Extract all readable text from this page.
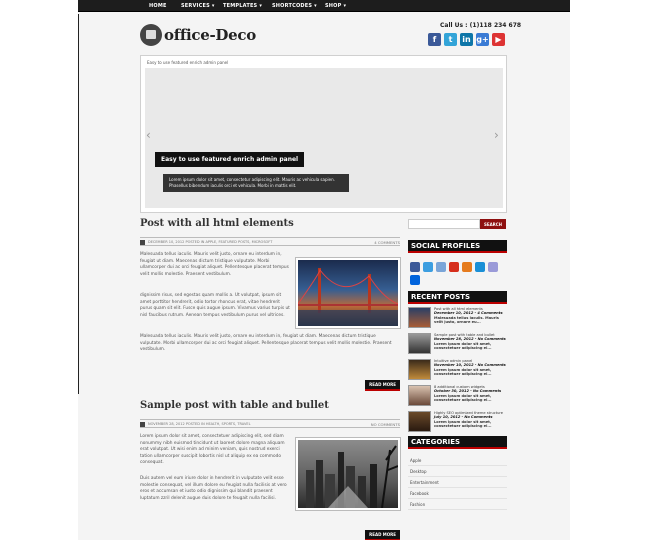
HOME	SERVICES ▾ TEMPLATES ▾ SHORTCODES ▾ SHOP ▾
office-Deco
Call Us : (1)118 234 678
f	t	in g+ ▶
Easy to use featured enrich admin panel
‹	›
Easy to use featured enrich admin panel
Lorem ipsum dolor sit amet, consectetur adipiscing elit. Mauris ac vehicula sapien. Phasellus bibendum iaculis orci et vehicula. Morbi in mattis elit.
Post with all html elements
DECEMBER 10, 2012 POSTED IN APPLE, FEATURED POSTS, MICROSOFT	4 COMMENTS
Malesuada tellus iaculis. Mauris velit justo, ornare eu interdum in, feugiat ut diam. Maecenas dictum tristique vulputate. Morbi ullamcorper dui ac orci feugiat aliquet. Pellentesque placerat tempus velit mollis molestie. Praesent vestibulum.
dignissim risus, sed egestas quam mollis a. Ut volutpat, ipsum sit amet porttitor hendrerit, odio tortor rhoncus erat, vitae hendrerit purus quam sit elit. Fusce quis augue ipsum. Vivamus varius turpis ut nisl faucibus rutrum. Aenean tempus vestibulum purus vel ultrices.
Malesuada tellus iaculis. Mauris velit justo, ornare eu interdum in, feugiat ut diam. Maecenas dictum tristique vulputate. Morbi ullamcorper dui ac orci feugiat aliquet. Pellentesque placerat tempus velit mollis molestie. Praesent vestibulum.
READ MORE
Sample post with table and bullet
NOVEMBER 28, 2012 POSTED IN HEALTH, SPORTS, TRAVEL	NO COMMENTS
Lorem ipsum dolor sit amet, consectetuer adipiscing elit, sed diam nonummy nibh euismod tincidunt ut laoreet dolore magna aliquam erat volutpat. Ut wisi enim ad minim veniam, quis nostrud exerci tation ullamcorper suscipit lobortis nisl ut aliquip ex ea commodo consequat.
Duis autem vel eum iriure dolor in hendrerit in vulputate velit esse molestie consequat, vel illum dolore eu feugiat nulla facilisis at vero eros et accumsan et iusto odio dignissim qui blandit praesent luptatum zzril delenit augue duis dolore te feugait nulla facilisi.
READ MORE
SEARCH
SOCIAL PROFILES
RECENT POSTS
Post with all html elements
December 10, 2012 - 4 Comments
Malesuada tellus iaculis. Mauris velit justo, ornare eu...
Sample post with table and bullet
November 28, 2012 - No Comments
Lorem ipsum dolor sit amet, consectetuer adipiscing el...
Intuitive admin panel
November 10, 2012 - No Comments
Lorem ipsum dolor sit amet, consectetuer adipiscing el...
8 additional custom widgets
October 30, 2012 - No Comments
Lorem ipsum dolor sit amet, consectetuer adipiscing el...
Highly SEO optimized theme structure
July 10, 2012 - No Comments
Lorem ipsum dolor sit amet, consectetuer adipiscing el...
CATEGORIES
Apple
Desktop
Entertainment
Facebook
Fashion
